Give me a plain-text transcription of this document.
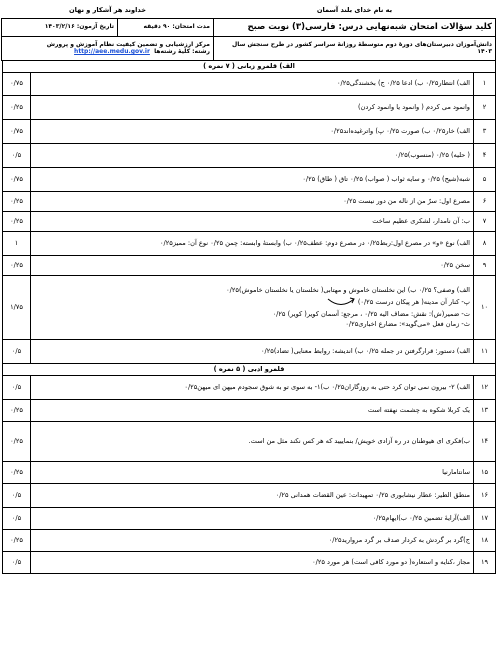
به نام خدای بلند آسمان	خداوند هر آشکار و نهان	
کلید سؤالات امتحان شبه‌نهایی درس: فارسی(۳) نوبت صبح	مدت امتحان: ۹۰ دقیقه	تاریخ آزمون: ۱۴۰۳/۲/۱۶
دانش‌آموزان دبیرستان‌های دورهٔ دوم متوسطهٔ روزانهٔ سراسر کشور در طرح سنجش سال ۱۴۰۳	مرکز ارزشیابی و تضمین کیفیت نظام آموزش و پرورش
رشته: کلیهٔ رشته‌ها  http://aee.medu.gov.ir	
الف) قلمرو زبانی ( ۷ نمره )		
۱	الف) انتظار۰/۲۵ ب) ادعا ۰/۲۵ ج) بخشندگی۰/۲۵	۰/۷۵
۲	وانمود می کردم ( وانمود یا وانمود کردن)	۰/۲۵
۳	الف) خار۰/۲۵ ب) صورت ۰/۲۵ پ) واترغیده‌اند۰/۲۵	۰/۷۵
۴	( حلیه) ۰/۲۵ (منسوب)۰/۲۵	۰/۵
۵	شبه(شیح) ۰/۲۵ و سایه ثواب ( صواب) ۰/۲۵ تاق ( طاق) ۰/۲۵	۰/۷۵
۶	مصرع اول: سرّ من از ناله من دور نیست ۰/۲۵	۰/۲۵
۷	ب: آن نامدار، لشکری عظیم ساخت	۰/۲۵
۸	الف) نوع «و» در مصرع اول:ربط۰/۲۵ در مصرع دوم: عطف۰/۲۵ ب) وابستهٔ وابسته: چمن ۰/۲۵ نوع آن: ممیز۰/۲۵	۱
۹	سخن ۰/۲۵	۰/۲۵
۱۰	الف) وصفی؟ ۰/۲۵ ب) این نخلستان خاموش و مهتابی( نخلستان یا نخلستان خاموش)۰/۲۵
پ- کنار آن مدینه( هر پیکان درست ۰/۲۵)
ت- ضمیر(ش): نقش: مضاف الیه ۰/۲۵ ، مرجع: آسمان کویر( کویر) ۰/۲۵
ث- زمان فعل «می‌گوید»: مضارع اخباری۰/۲۵	۱/۷۵
۱۱	الف) دستور: قرارگرفتن در جمله ۰/۲۵ ب) اندیشه: روابط معنایی( تضاد)۰/۲۵	۰/۵
قلمرو ادبی ( ۵ نمره )		
۱۲	الف) ۲- بیرون نمی توان کرد حتی به روزگاران۰/۲۵ ب)۱- به سوی تو به شوق سجودم میهن ای میهن۰/۲۵	۰/۵
۱۳	یک کربلا شکوه به چشمت نهفته است	۰/۲۵
۱۴	ب)فکری ای هیوطنان در ره آزادی خویش/ بنماییید که هر کس نکند مثل من است.	۰/۲۵
۱۵	سانتامارنیا	۰/۲۵
۱۶	منطق الطیر: عطار نیشابوری ۰/۲۵ تمهیدات: عین القضات همدانی ۰/۲۵	۰/۵
۱۷	الف)آرایهٔ تضمین ۰/۲۵ ب)ایهام۰/۲۵	۰/۵
۱۸	ج)گرد بر گردش به کردار صدف بر گرد مروارید۰/۲۵	۰/۲۵
۱۹	مجاز ،کنایه و استعاره( دو مورد کافی است) هر مورد ۰/۲۵	۰/۵
